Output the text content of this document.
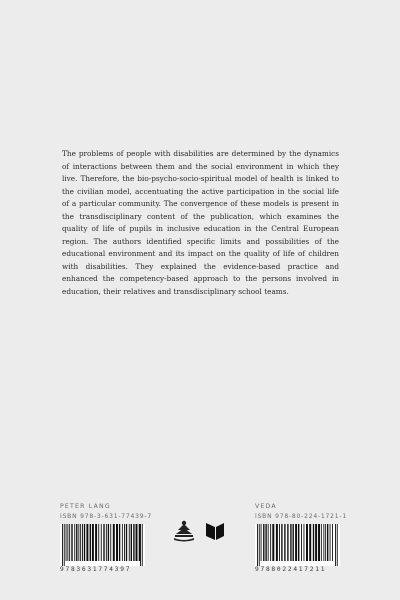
The problems of people with disabilities are determined by the dynamics of interactions between them and the social environment in which they live. Therefore, the bio-psycho-socio-spiritual model of health is linked to the civilian model, accentuating the active participation in the social life of a particular community. The convergence of these models is present in the transdisciplinary content of the publication, which examines the quality of life of pupils in inclusive education in the Central European region. The authors identified specific limits and possibilities of the educational environment and its impact on the quality of life of children with disabilities. They explained the evidence-based practice and enhanced the competency-based approach to the persons involved in education, their relatives and transdisciplinary school teams.

PETER LANG
ISBN 978-3-631-77439-7
9783631774397
VEDA
ISBN 978-80-224-1721-1
9788022417211
